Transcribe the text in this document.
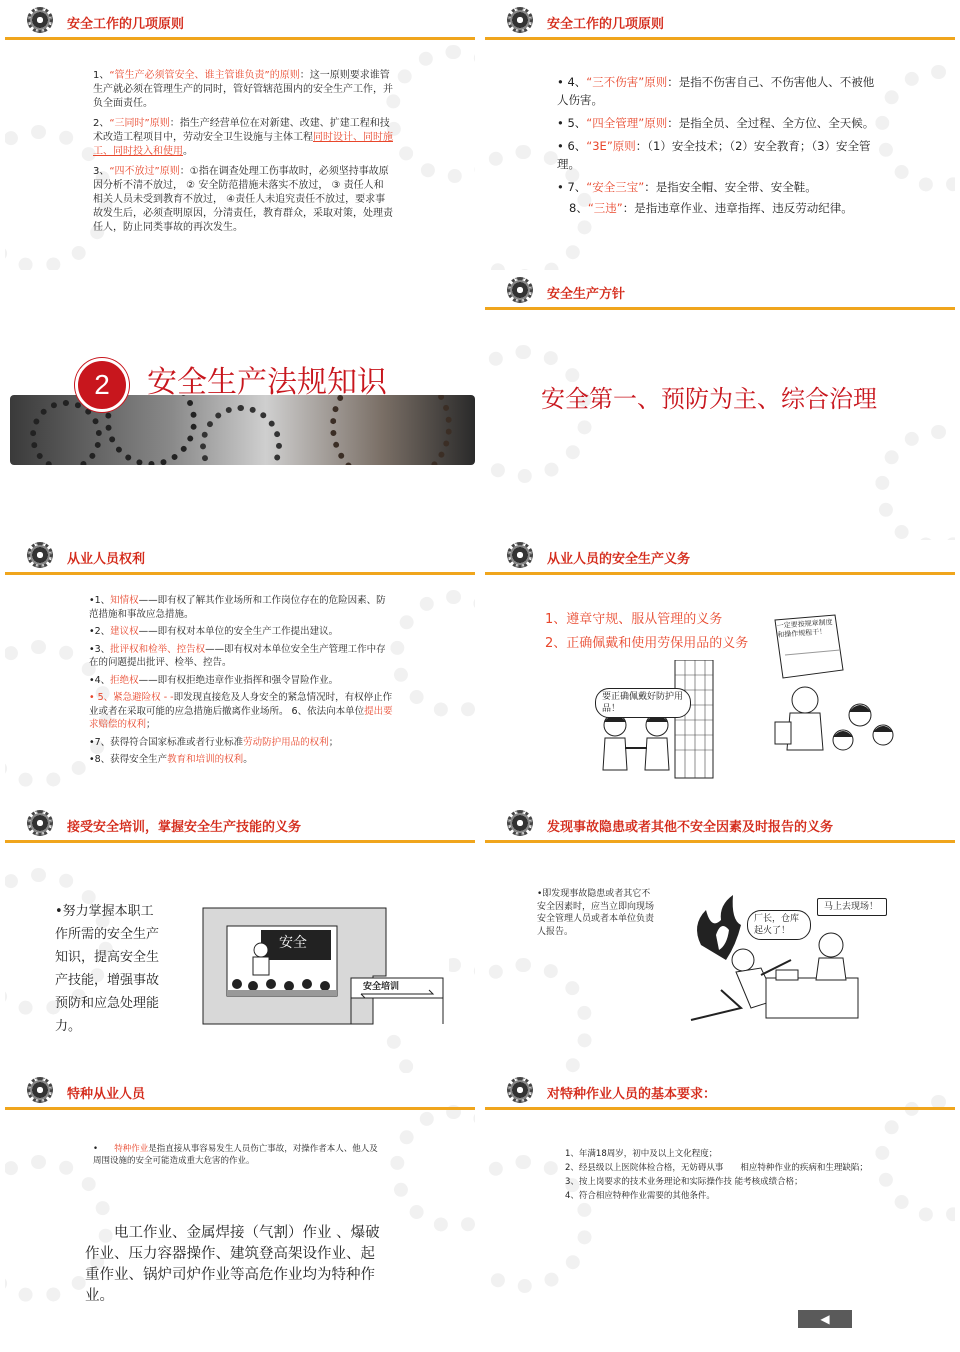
安全工作的几项原则
1、“管生产必须管安全、谁主管谁负责”的原则：这一原则要求谁管生产就必须在管理生产的同时，管好管辖范围内的安全生产工作，并负全面责任。
2、“三同时”原则：指生产经营单位在对新建、改建、扩建工程和技术改造工程项目中，劳动安全卫生设施与主体工程同时设计、同时施工、同时投入和使用。
3、“四不放过”原则：①指在调查处理工伤事故时，必须坚持事故原因分析不清不放过， ② 安全防范措施未落实不放过， ③ 责任人和相关人员未受到教育不放过， ④责任人未追究责任不放过，要求事故发生后，必须查明原因，分清责任，教育群众，采取对策，处理责任人，防止同类事故的再次发生。
安全工作的几项原则
• 4、“三不伤害”原则：是指不伤害自己、不伤害他人、不被他人伤害。
• 5、“四全管理”原则：是指全员、全过程、全方位、全天候。
• 6、“3E”原则：（1）安全技术；（2）安全教育；（3）安全管理。
• 7、“安全三宝”：是指安全帽、安全带、安全鞋。
8、“三违”：是指违章作业、违章指挥、违反劳动纪律。
2	安全生产法规知识
安全生产方针
安全第一、预防为主、综合治理
从业人员权利
•1、知情权——即有权了解其作业场所和工作岗位存在的危险因素、防范措施和事故应急措施。
•2、建议权——即有权对本单位的安全生产工作提出建议。
•3、批评权和检举、控告权——即有权对本单位安全生产管理工作中存在的问题提出批评、检举、控告。
•4、拒绝权——即有权拒绝违章作业指挥和强令冒险作业。
• 5、紧急避险权 - -即发现直接危及人身安全的紧急情况时，有权停止作业或者在采取可能的应急措施后撤离作业场所。 6、依法向本单位提出要求赔偿的权利；
•7、获得符合国家标准或者行业标准劳动防护用品的权利；
•8、获得安全生产教育和培训的权利。
从业人员的安全生产义务
1、遵章守规、服从管理的义务
2、正确佩戴和使用劳保用品的义务
要正确佩戴好防护用品！
一定要按规章制度和操作规程干！
接受安全培训，掌握安全生产技能的义务
•努力掌握本职工作所需的安全生产知识，提高安全生产技能，增强事故预防和应急处理能力。
安全
安全培训
发现事故隐患或者其他不安全因素及时报告的义务
•即发现事故隐患或者其它不安全因素时，应当立即向现场安全管理人员或者本单位负责人报告。
厂长，仓库起火了！
马上去现场！
特种从业人员
• 特种作业是指直接从事容易发生人员伤亡事故，对操作者本人、他人及周围设施的安全可能造成重大危害的作业。
电工作业、金属焊接（气割）作业 、爆破作业、压力容器操作、建筑登高架设作业、起重作业、锅炉司炉作业等高危作业均为特种作业。
对特种作业人员的基本要求：
1、年满18周岁，初中及以上文化程度；
2、经县级以上医院体检合格，无妨碍从事　　相应特种作业的疾病和生理缺陷；
3、按上岗要求的技术业务理论和实际操作技 能考核成绩合格；
4、符合相应特种作业需要的其他条件。
◀
